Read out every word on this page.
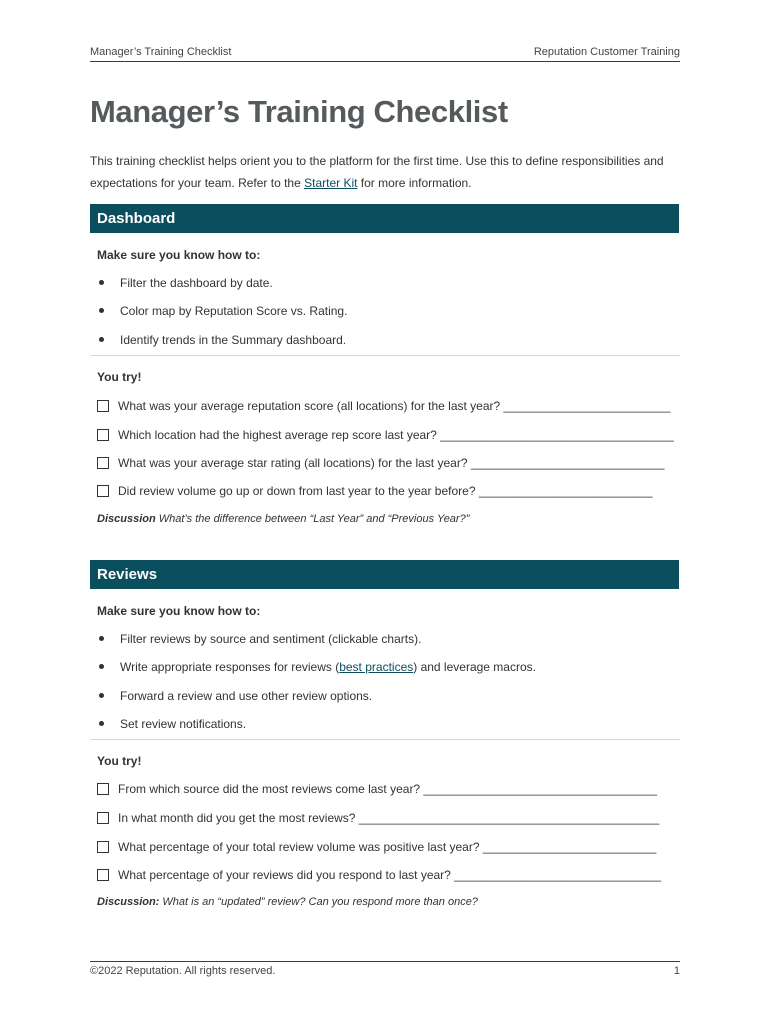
Manager’s Training Checklist	Reputation Customer Training
Manager’s Training Checklist

This training checklist helps orient you to the platform for the first time. Use this to define responsibilities and expectations for your team. Refer to the Starter Kit for more information.

Dashboard
Make sure you know how to:
Filter the dashboard by date.
Color map by Reputation Score vs. Rating.
Identify trends in the Summary dashboard.
You try!
What was your average reputation score (all locations) for the last year? _________________________
Which location had the highest average rep score last year? ___________________________________
What was your average star rating (all locations) for the last year? _____________________________
Did review volume go up or down from last year to the year before? __________________________
Discussion What’s the difference between “Last Year” and “Previous Year?”
Reviews
Make sure you know how to:
Filter reviews by source and sentiment (clickable charts).
Write appropriate responses for reviews (best practices) and leverage macros.
Forward a review and use other review options.
Set review notifications.
You try!
From which source did the most reviews come last year? ___________________________________
In what month did you get the most reviews? _____________________________________________
What percentage of your total review volume was positive last year? __________________________
What percentage of your reviews did you respond to last year? _______________________________
Discussion: What is an “updated” review? Can you respond more than once?
©2022 Reputation. All rights reserved.	1
